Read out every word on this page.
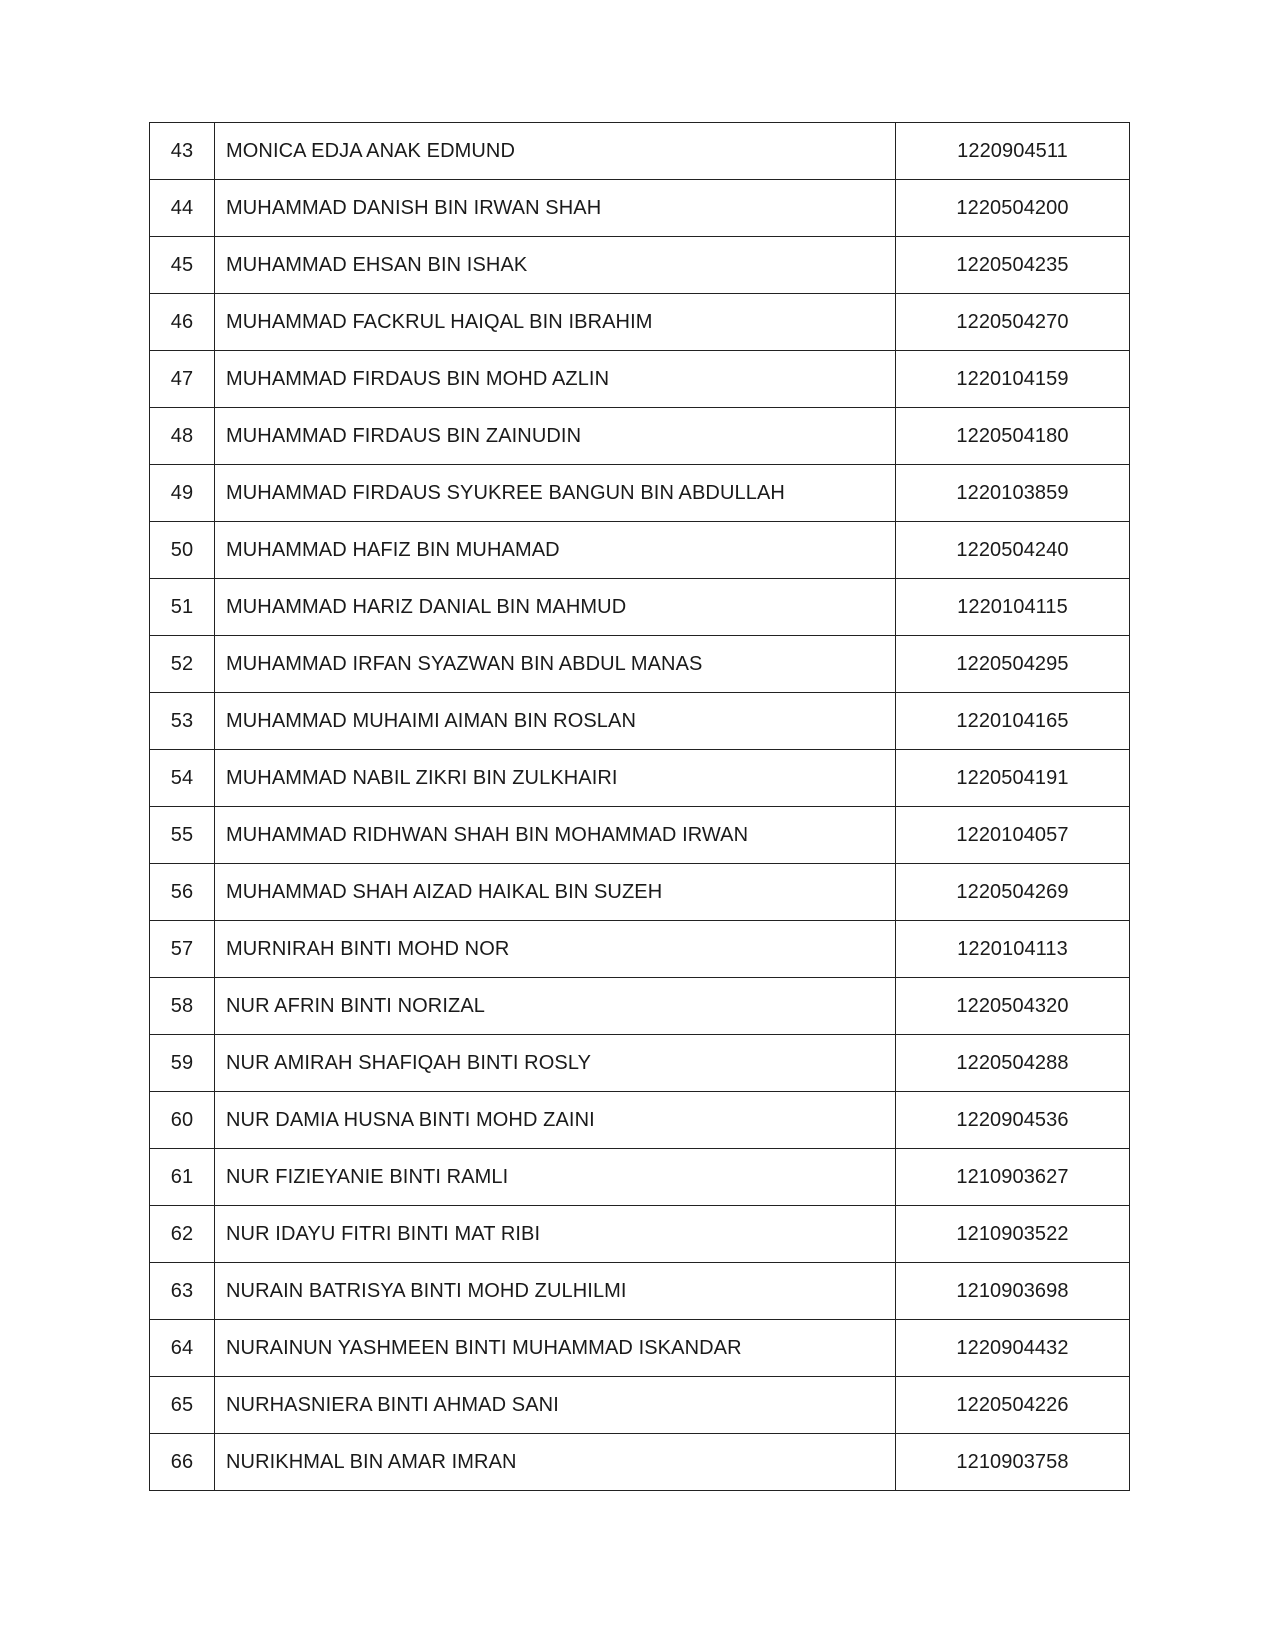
43	MONICA EDJA ANAK EDMUND	1220904511
44	MUHAMMAD DANISH BIN IRWAN SHAH	1220504200
45	MUHAMMAD EHSAN BIN ISHAK	1220504235
46	MUHAMMAD FACKRUL HAIQAL BIN IBRAHIM	1220504270
47	MUHAMMAD FIRDAUS BIN MOHD AZLIN	1220104159
48	MUHAMMAD FIRDAUS BIN ZAINUDIN	1220504180
49	MUHAMMAD FIRDAUS SYUKREE BANGUN BIN ABDULLAH	1220103859
50	MUHAMMAD HAFIZ BIN MUHAMAD	1220504240
51	MUHAMMAD HARIZ DANIAL BIN MAHMUD	1220104115
52	MUHAMMAD IRFAN SYAZWAN BIN ABDUL MANAS	1220504295
53	MUHAMMAD MUHAIMI AIMAN BIN ROSLAN	1220104165
54	MUHAMMAD NABIL ZIKRI BIN ZULKHAIRI	1220504191
55	MUHAMMAD RIDHWAN SHAH BIN MOHAMMAD IRWAN	1220104057
56	MUHAMMAD SHAH AIZAD HAIKAL BIN SUZEH	1220504269
57	MURNIRAH BINTI MOHD NOR	1220104113
58	NUR AFRIN BINTI NORIZAL	1220504320
59	NUR AMIRAH SHAFIQAH BINTI ROSLY	1220504288
60	NUR DAMIA HUSNA BINTI MOHD ZAINI	1220904536
61	NUR FIZIEYANIE BINTI RAMLI	1210903627
62	NUR IDAYU FITRI BINTI MAT RIBI	1210903522
63	NURAIN BATRISYA BINTI MOHD ZULHILMI	1210903698
64	NURAINUN YASHMEEN BINTI MUHAMMAD ISKANDAR	1220904432
65	NURHASNIERA BINTI AHMAD SANI	1220504226
66	NURIKHMAL BIN AMAR IMRAN	1210903758
